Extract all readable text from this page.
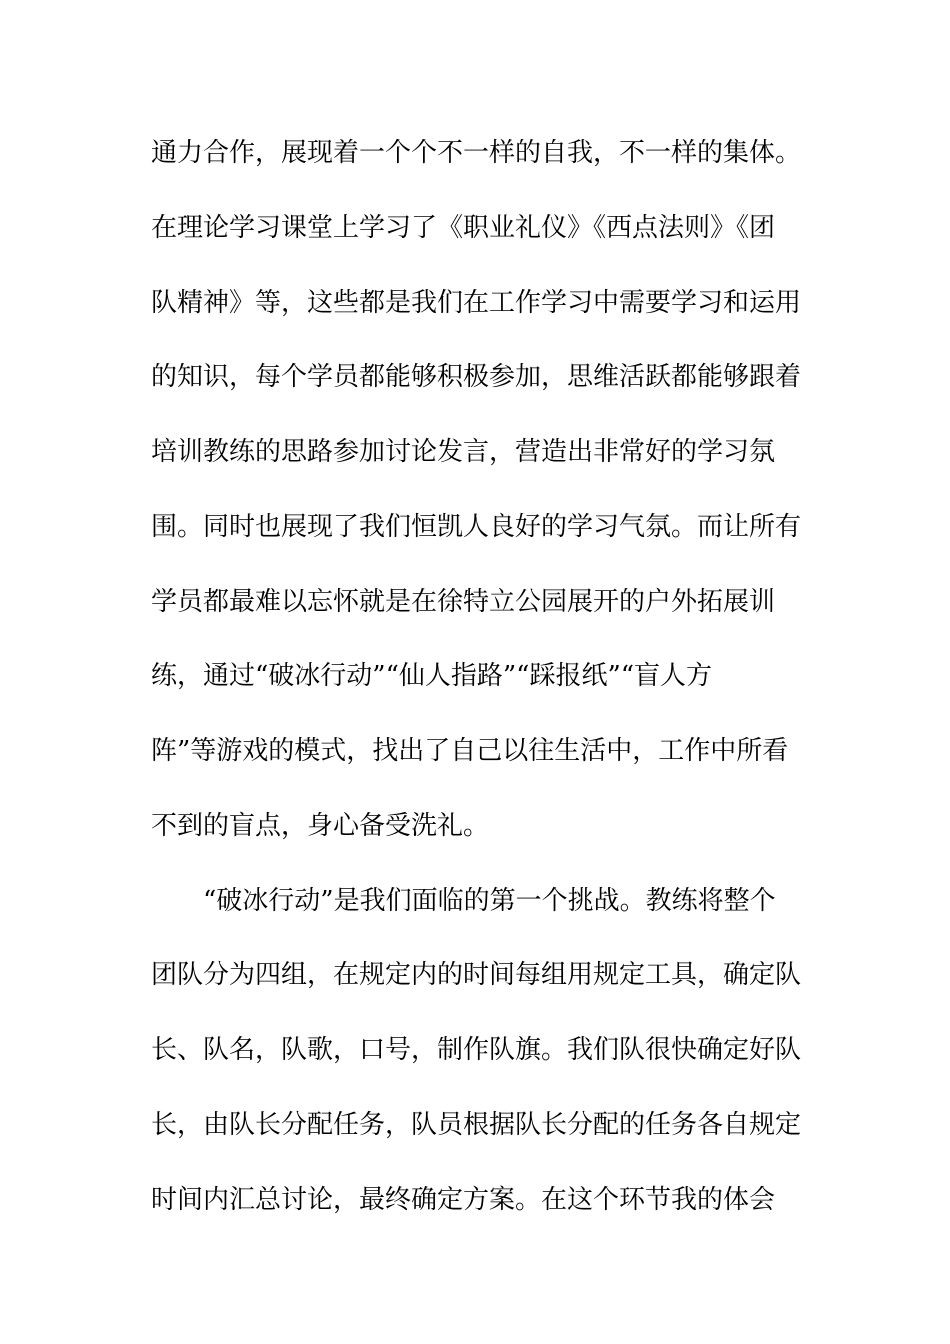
通力合作，展现着一个个不一样的自我，不一样的集体。
在理论学习课堂上学习了《职业礼仪》《西点法则》《团
队精神》等，这些都是我们在工作学习中需要学习和运用
的知识，每个学员都能够积极参加，思维活跃都能够跟着
培训教练的思路参加讨论发言，营造出非常好的学习氛
围。同时也展现了我们恒凯人良好的学习气氛。而让所有
学员都最难以忘怀就是在徐特立公园展开的户外拓展训
练，通过“破冰行动”“仙人指路”“踩报纸”“盲人方
阵”等游戏的模式，找出了自己以往生活中，工作中所看
不到的盲点，身心备受洗礼。
“破冰行动”是我们面临的第一个挑战。教练将整个
团队分为四组，在规定内的时间每组用规定工具，确定队
长、队名，队歌，口号，制作队旗。我们队很快确定好队
长，由队长分配任务，队员根据队长分配的任务各自规定
时间内汇总讨论，最终确定方案。在这个环节我的体会
